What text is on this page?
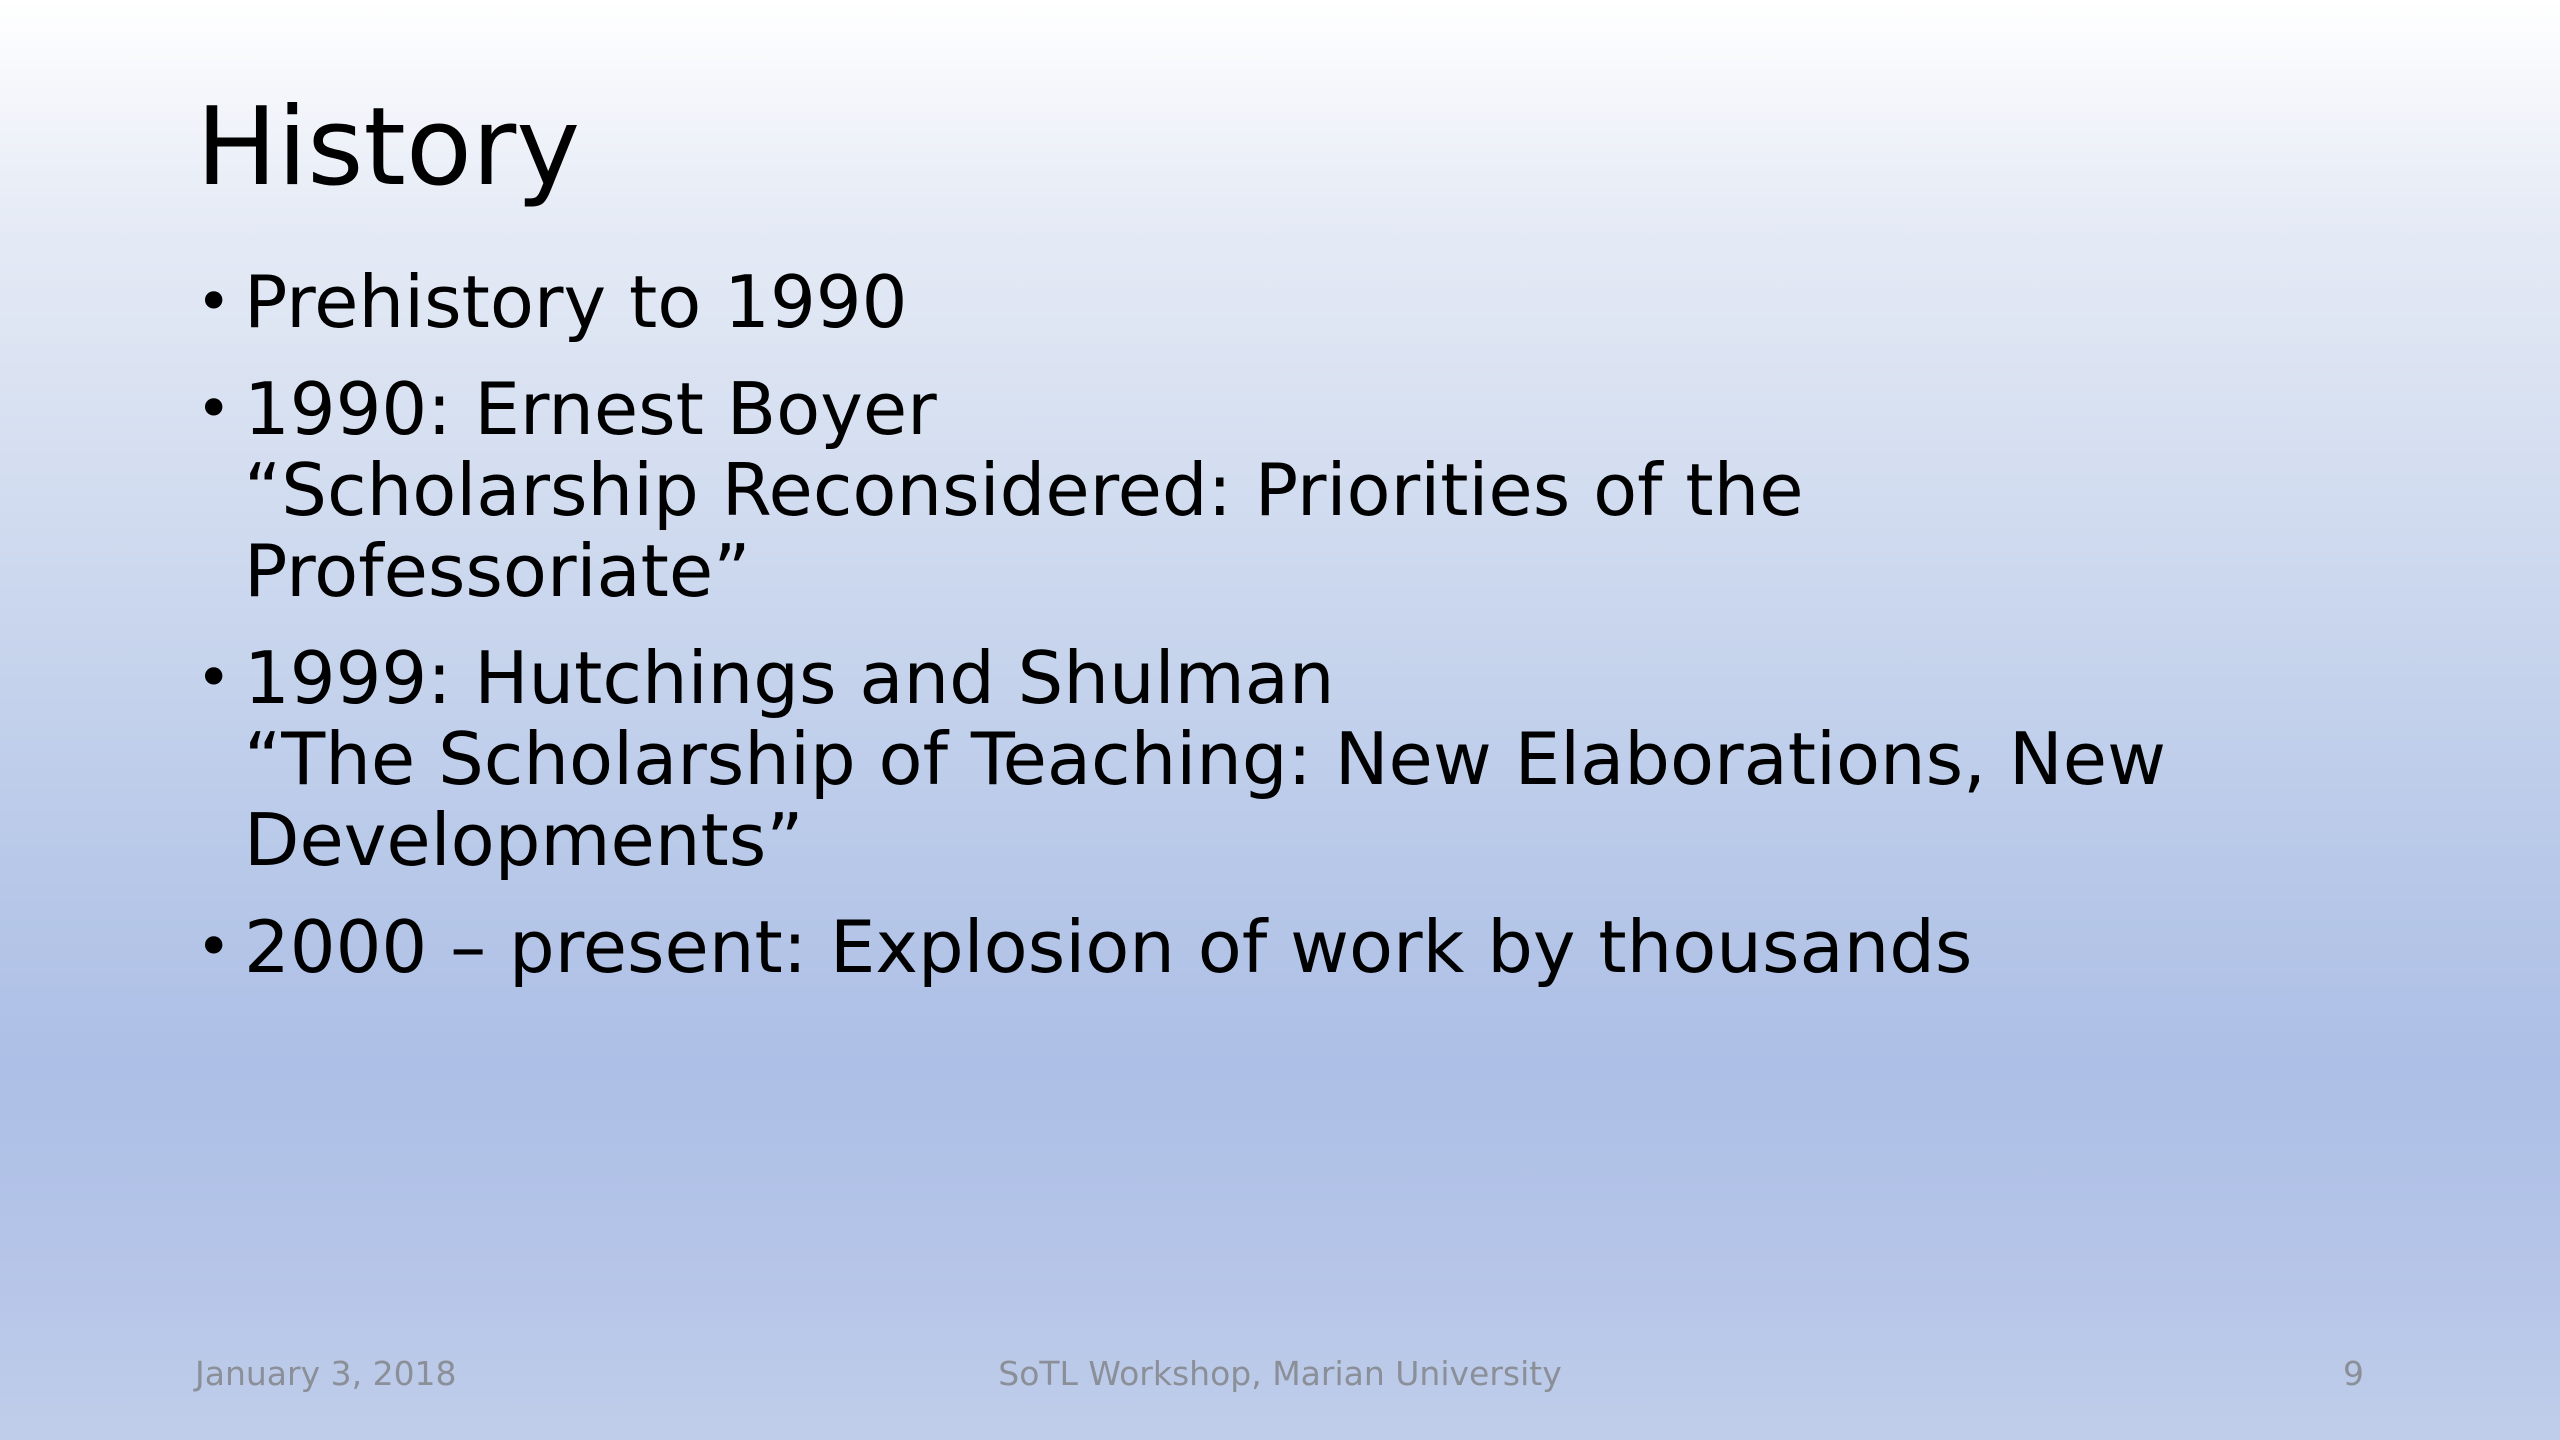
History
• Prehistory to 1990
• 1990: Ernest Boyer
“Scholarship Reconsidered: Priorities of the
Professoriate”
• 1999: Hutchings and Shulman
“The Scholarship of Teaching: New Elaborations, New
Developments”
• 2000 – present: Explosion of work by thousands
January 3, 2018	SoTL Workshop, Marian University	9
